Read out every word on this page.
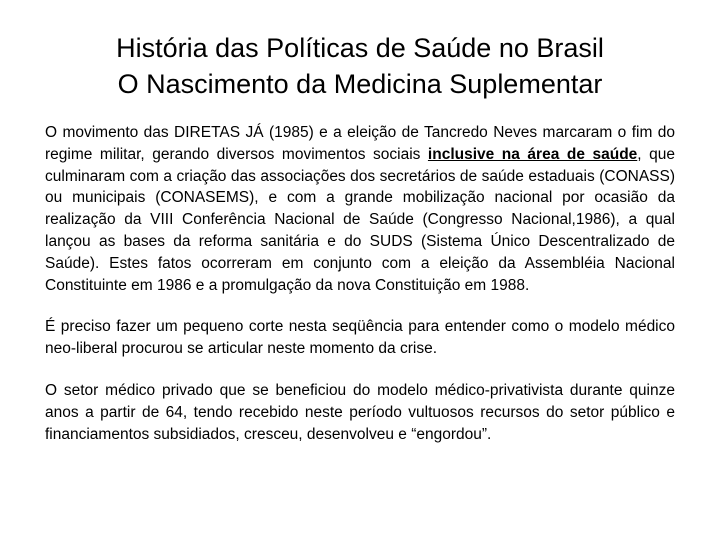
História das Políticas de Saúde no Brasil
O Nascimento da Medicina Suplementar

O movimento das DIRETAS JÁ (1985) e a eleição de Tancredo Neves marcaram o fim do regime militar, gerando diversos movimentos sociais inclusive na área de saúde, que culminaram com a criação das associações dos secretários de saúde estaduais (CONASS) ou municipais (CONASEMS), e com a grande mobilização nacional por ocasião da realização da VIII Conferência Nacional de Saúde (Congresso Nacional,1986), a qual lançou as bases da reforma sanitária e do SUDS (Sistema Único Descentralizado de Saúde). Estes fatos ocorreram em conjunto com a eleição da Assembléia Nacional Constituinte em 1986 e a promulgação da nova Constituição em 1988.

É preciso fazer um pequeno corte nesta seqüência para entender como o modelo médico neo-liberal procurou se articular neste momento da crise.

O setor médico privado que se beneficiou do modelo médico-privativista durante quinze anos a partir de 64, tendo recebido neste período vultuosos recursos do setor público e financiamentos subsidiados, cresceu, desenvolveu e “engordou”.
